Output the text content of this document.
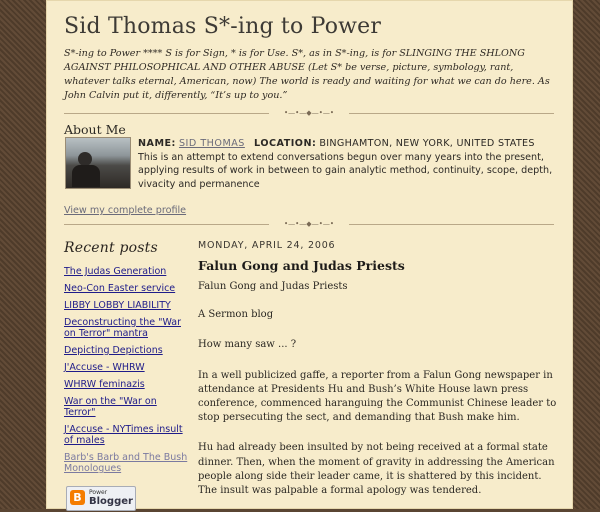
Sid Thomas S*-ing to Power
S*-ing to Power **** S is for Sign, * is for Use. S*, as in S*-ing, is for SLINGING THE SHLONG AGAINST PHILOSOPHICAL AND OTHER ABUSE (Let S* be verse, picture, symbology, rant, whatever talks eternal, American, now) The world is ready and waiting for what we can do here. As John Calvin put it, differently, “It’s up to you.”
•—•—◆—•—•
About Me
NAME: SID THOMAS LOCATION: BINGHAMTON, NEW YORK, UNITED STATES
This is an attempt to extend conversations begun over many years into the present, applying results of work in between to gain analytic method, continuity, scope, depth, vivacity and permanence
View my complete profile
•—•—◆—•—•
Recent posts
The Judas Generation
Neo-Con Easter service
LIBBY LOBBY LIABILITY
Deconstructing the "War on Terror" mantra
Depicting Depictions
J'Accuse - WHRW
WHRW feminazis
War on the "War on Terror"
J'Accuse - NYTimes insult of males
Barb's Barb and The Bush Monologues
B	Power
Blogger
MONDAY, APRIL 24, 2006
Falun Gong and Judas Priests

Falun Gong and Judas Priests

A Sermon blog

How many saw ... ?

In a well publicized gaffe, a reporter from a Falun Gong newspaper in attendance at Presidents Hu and Bush’s White House lawn press conference, commenced haranguing the Communist Chinese leader to stop persecuting the sect, and demanding that Bush make him.

Hu had already been insulted by not being received at a formal state dinner. Then, when the moment of gravity in addressing the American people along side their leader came, it is shattered by this incident. The insult was palpable a formal apology was tendered.
